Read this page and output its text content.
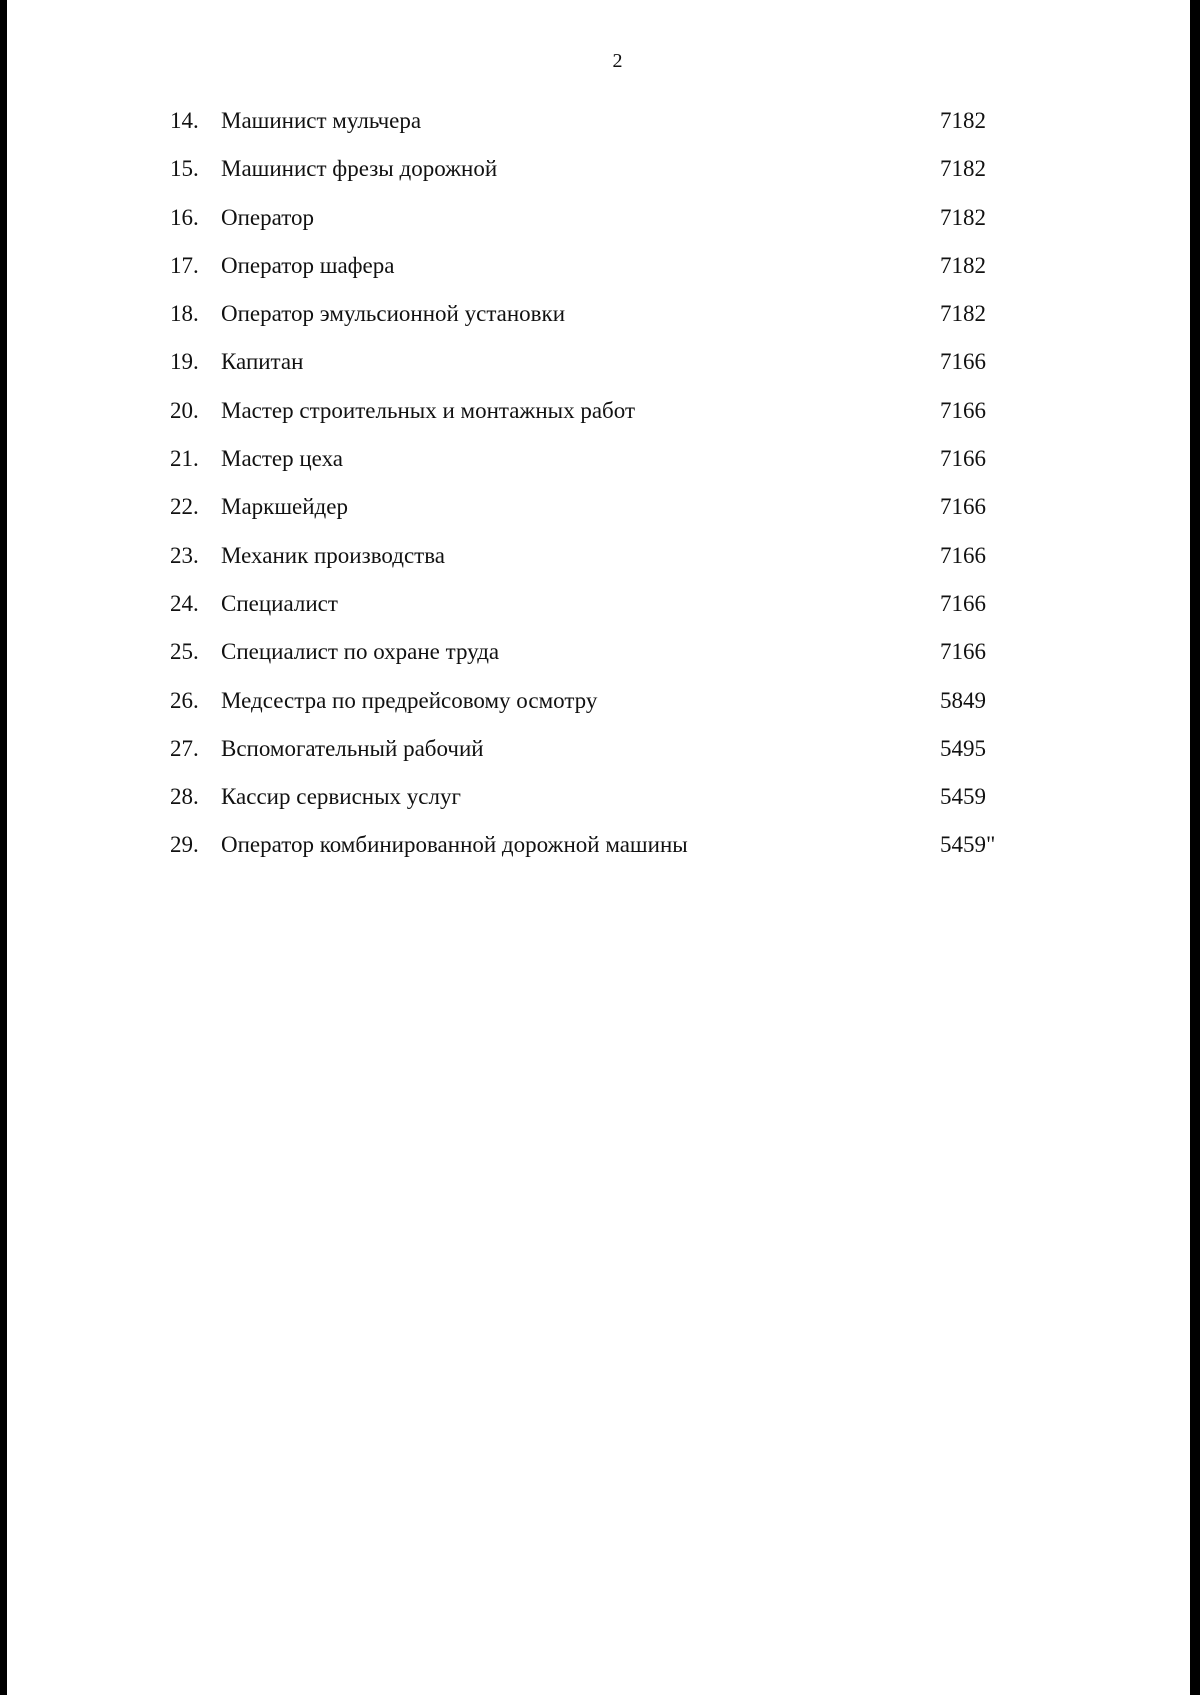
2
14. Машинист мульчера	7182
15. Машинист фрезы дорожной	7182
16. Оператор	7182
17. Оператор шафера	7182
18. Оператор эмульсионной установки	7182
19. Капитан	7166
20. Мастер строительных и монтажных работ	7166
21. Мастер цеха	7166
22. Маркшейдер	7166
23. Механик производства	7166
24. Специалист	7166
25. Специалист по охране труда	7166
26. Медсестра по предрейсовому осмотру	5849
27. Вспомогательный рабочий	5495
28. Кассир сервисных услуг	5459
29. Оператор комбинированной дорожной машины	5459"
